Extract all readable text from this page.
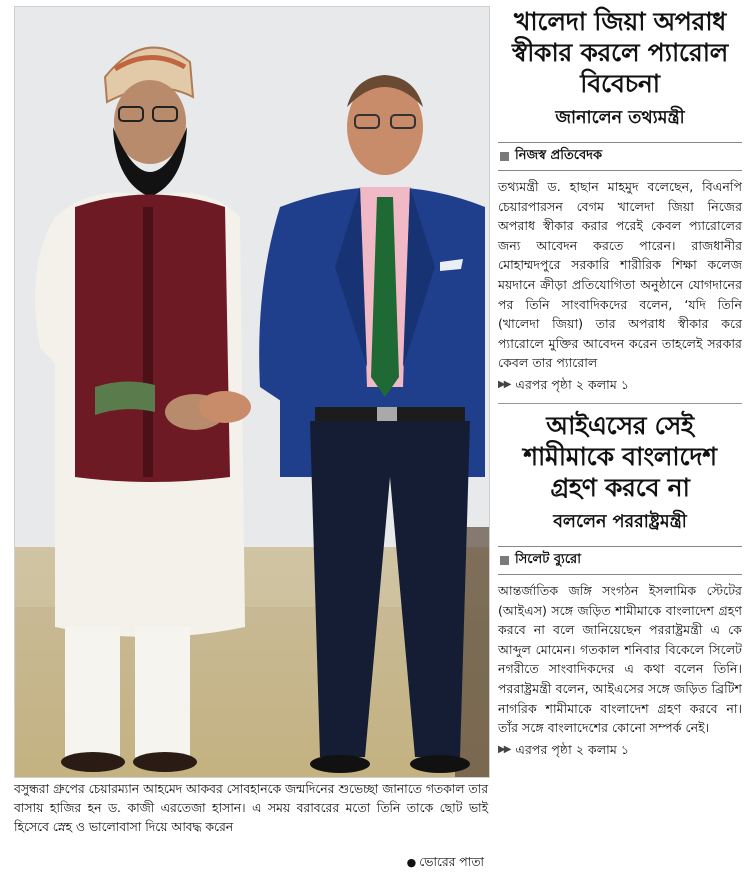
বসুন্ধরা গ্রুপের চেয়ারম্যান আহমেদ আকবর সোবহানকে জন্মদিনের শুভেচ্ছা জানাতে গতকাল তার বাসায় হাজির হন ড. কাজী এরতেজা হাসান। এ সময় বরাবরের মতো তিনি তাকে ছোট ভাই হিসেবে স্নেহ ও ভালোবাসা দিয়ে আবদ্ধ করেন
● ভোরের পাতা
খালেদা জিয়া অপরাধ স্বীকার করলে প্যারোল বিবেচনা
জানালেন তথ্যমন্ত্রী
নিজস্ব প্রতিবেদক

তথ্যমন্ত্রী ড. হাছান মাহমুদ বলেছেন, বিএনপি চেয়ারপারসন বেগম খালেদা জিয়া নিজের অপরাধ স্বীকার করার পরেই কেবল প্যারোলের জন্য আবেদন করতে পারেন। রাজধানীর মোহাম্মদপুরে সরকারি শারীরিক শিক্ষা কলেজ ময়দানে ক্রীড়া প্রতিযোগিতা অনুষ্ঠানে যোগদানের পর তিনি সাংবাদিকদের বলেন, ‘যদি তিনি (খালেদা জিয়া) তার অপরাধ স্বীকার করে প্যারোলে মুক্তির আবেদন করেন তাহলেই সরকার কেবল তার প্যারোল

▶▶ এরপর পৃষ্ঠা ২ কলাম ১
আইএসের সেই শামীমাকে বাংলাদেশ গ্রহণ করবে না
বললেন পররাষ্ট্রমন্ত্রী
সিলেট ব্যুরো

আন্তর্জাতিক জঙ্গি সংগঠন ইসলামিক স্টেটের (আইএস) সঙ্গে জড়িত শামীমাকে বাংলাদেশ গ্রহণ করবে না বলে জানিয়েছেন পররাষ্ট্রমন্ত্রী এ কে আব্দুল মোমেন। গতকাল শনিবার বিকেলে সিলেট নগরীতে সাংবাদিকদের এ কথা বলেন তিনি। পররাষ্ট্রমন্ত্রী বলেন, আইএসের সঙ্গে জড়িত ব্রিটিশ নাগরিক শামীমাকে বাংলাদেশ গ্রহণ করবে না। তাঁর সঙ্গে বাংলাদেশের কোনো সম্পর্ক নেই।

▶▶ এরপর পৃষ্ঠা ২ কলাম ১
